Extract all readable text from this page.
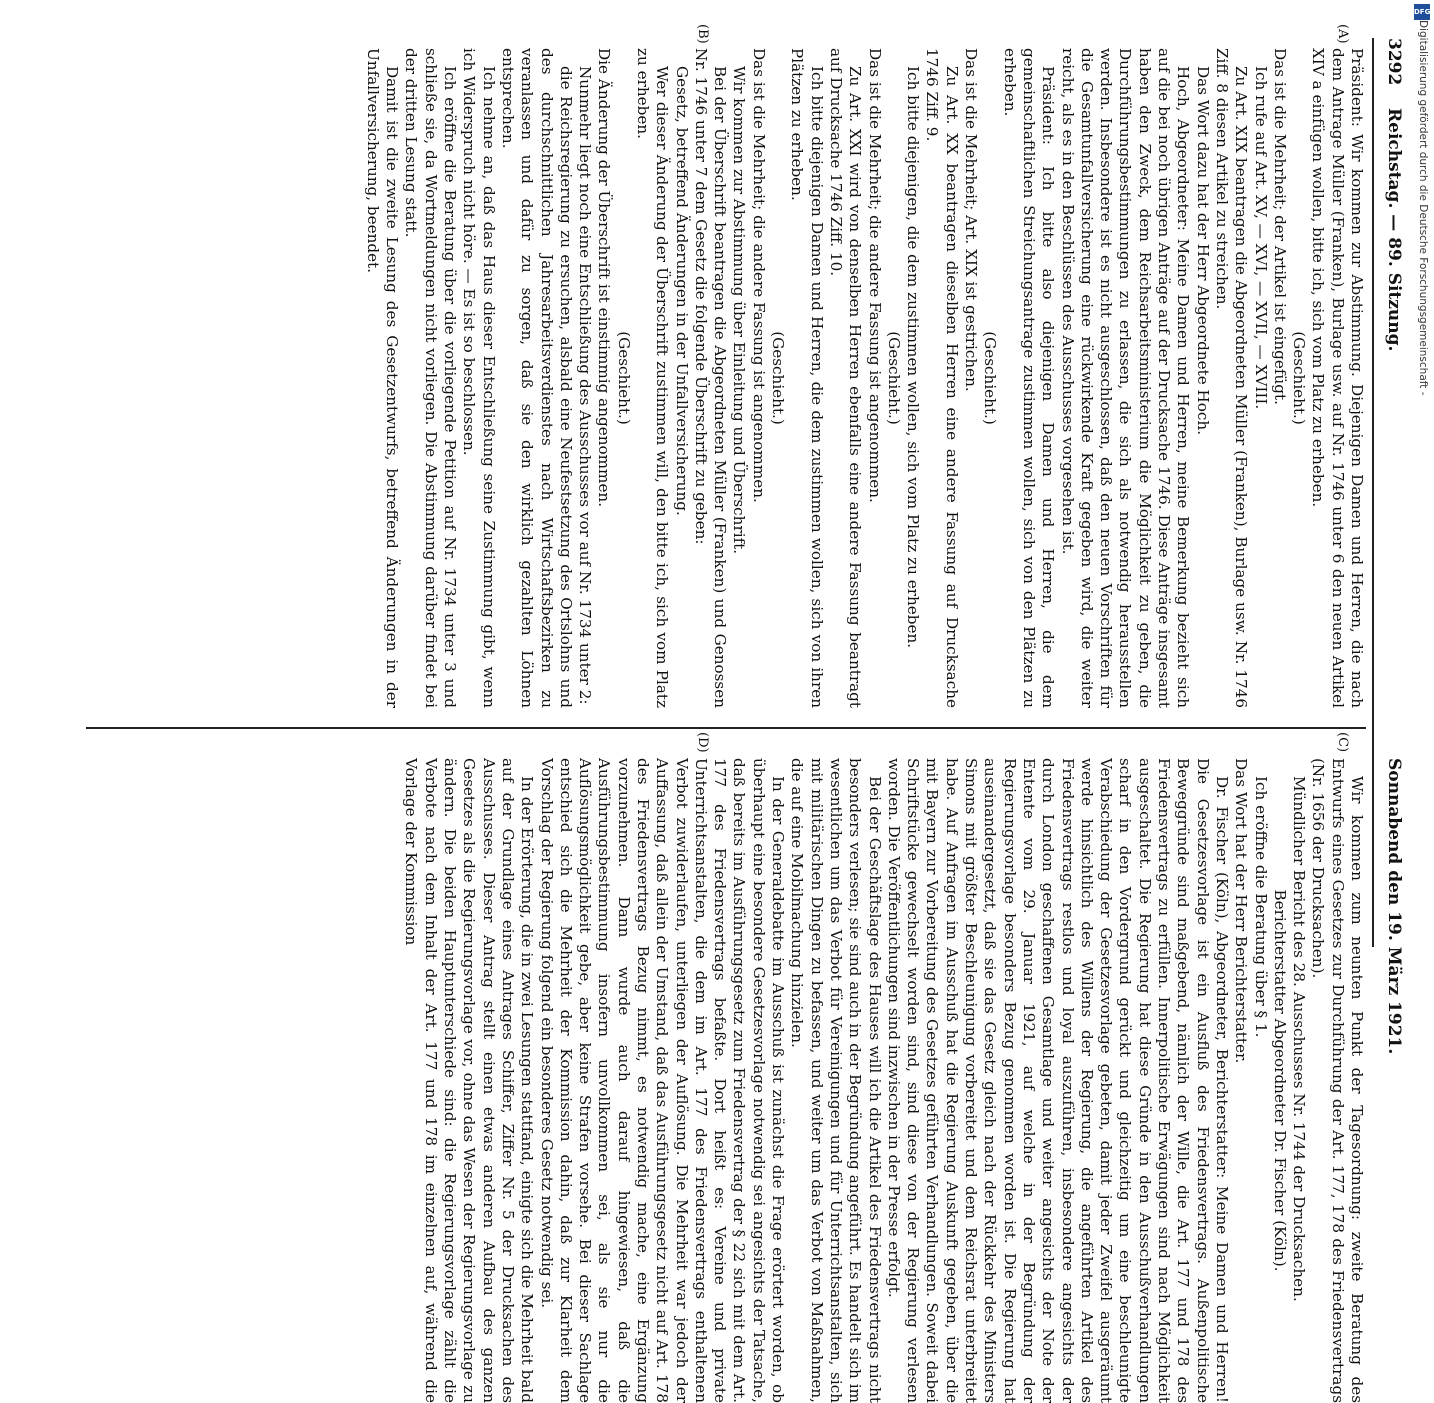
3292
Reichstag. — 89. Sitzung.
Sonnabend den 19. März 1921.
(A)
(B)
(C)
(D)

Präsident: Wir kommen zur Abstimmung. Diejenigen Damen und Herren, die nach dem Antrage Müller (Franken), Burlage usw. auf Nr. 1746 unter 6 den neuen Artikel XIV a einfügen wollen, bitte ich, sich vom Platz zu erheben.

(Geschieht.)

Das ist die Mehrheit; der Artikel ist eingefügt.

Ich rufe auf Art. XV, — XVI, — XVII, — XVIII.

Zu Art. XIX beantragen die Abgeordneten Müller (Franken), Burlage usw. Nr. 1746 Ziff. 8 diesen Artikel zu streichen.

Das Wort dazu hat der Herr Abgeordnete Hoch.

Hoch, Abgeordneter: Meine Damen und Herren, meine Bemerkung bezieht sich auf die bei noch übrigen Anträge auf der Drucksache 1746. Diese Anträge insgesamt haben den Zweck, dem Reichsarbeitsministerium die Möglichkeit zu geben, die Durchführungsbestimmungen zu erlassen, die sich als notwendig herausstellen werden. Insbesondere ist es nicht ausgeschlossen, daß den neuen Vorschriften für die Gesamtunfallversicherung eine rückwirkende Kraft gegeben wird, die weiter reicht, als es in den Beschlüssen des Ausschusses vorgesehen ist.

Präsident: Ich bitte also diejenigen Damen und Herren, die dem gemeinschaftlichen Streichungsantrage zustimmen wollen, sich von den Plätzen zu erheben.

(Geschieht.)

Das ist die Mehrheit; Art. XIX ist gestrichen.

Zu Art. XX beantragen dieselben Herren eine andere Fassung auf Drucksache 1746 Ziff. 9.

Ich bitte diejenigen, die dem zustimmen wollen, sich vom Platz zu erheben.

(Geschieht.)

Das ist die Mehrheit; die andere Fassung ist angenommen.

Zu Art. XXI wird von denselben Herren ebenfalls eine andere Fassung beantragt auf Drucksache 1746 Ziff. 10.

Ich bitte diejenigen Damen und Herren, die dem zustimmen wollen, sich von ihren Plätzen zu erheben.

(Geschieht.)

Das ist die Mehrheit; die andere Fassung ist angenommen.

Wir kommen zur Abstimmung über Einleitung und Überschrift.

Bei der Überschrift beantragen die Abgeordneten Müller (Franken) und Genossen Nr. 1746 unter 7 dem Gesetz die folgende Überschrift zu geben:

Gesetz, betreffend Änderungen in der Unfallversicherung.

Wer dieser Änderung der Überschrift zustimmen will, den bitte ich, sich vom Platz zu erheben.

(Geschieht.)

Die Änderung der Überschrift ist einstimmig angenommen.

Nunmehr liegt noch eine Entschließung des Ausschusses vor auf Nr. 1734 unter 2:

die Reichsregierung zu ersuchen, alsbald eine Neufestsetzung des Ortslohns und des durchschnittlichen Jahresarbeitsverdienstes nach Wirtschaftsbezirken zu veranlassen und dafür zu sorgen, daß sie den wirklich gezahlten Löhnen entsprechen.

Ich nehme an, daß das Haus dieser Entschließung seine Zustimmung gibt, wenn ich Widerspruch nicht höre. — Es ist so beschlossen.

Ich eröffne die Beratung über die vorliegende Petition auf Nr. 1734 unter 3 und schließe sie, da Wortmeldungen nicht vorliegen. Die Abstimmung darüber findet bei der dritten Lesung statt.

Damit ist die zweite Lesung des Gesetzentwurfs, betreffend Änderungen in der Unfallversicherung, beendet.

Wir kommen zum neunten Punkt der Tagesordnung: zweite Beratung des Entwurfs eines Gesetzes zur Durchführung der Art. 177, 178 des Friedensvertrags (Nr. 1656 der Drucksachen).

Mündlicher Bericht des 28. Ausschusses Nr. 1744 der Drucksachen.

Berichterstatter Abgeordneter Dr. Fischer (Köln).

Ich eröffne die Beratung über § 1.

Das Wort hat der Herr Berichterstatter.

Dr. Fischer (Köln), Abgeordneter, Berichterstatter: Meine Damen und Herren! Die Gesetzesvorlage ist ein Ausfluß des Friedensvertrags. Außenpolitische Beweggründe sind maßgebend, nämlich der Wille, die Art. 177 und 178 des Friedensvertrags zu erfüllen. Innerpolitische Erwägungen sind nach Möglichkeit ausgeschaltet. Die Regierung hat diese Gründe in den Ausschußverhandlungen scharf in den Vordergrund gerückt und gleichzeitig um eine beschleunigte Verabschiedung der Gesetzesvorlage gebeten, damit jeder Zweifel ausgeräumt werde hinsichtlich des Willens der Regierung, die angeführten Artikel des Friedensvertrags restlos und loyal auszuführen, insbesondere angesichts der durch London geschaffenen Gesamtlage und weiter angesichts der Note der Entente vom 29. Januar 1921, auf welche in der Begründung der Regierungsvorlage besonders Bezug genommen worden ist. Die Regierung hat auseinandergesetzt, daß sie das Gesetz gleich nach der Rückkehr des Ministers Simons mit größter Beschleunigung vorbereitet und dem Reichsrat unterbreitet habe. Auf Anfragen im Ausschuß hat die Regierung Auskunft gegeben, über die mit Bayern zur Vorbereitung des Gesetzes geführten Verhandlungen. Soweit dabei Schriftstücke gewechselt worden sind, sind diese von der Regierung verlesen worden. Die Veröffentlichungen sind inzwischen in der Presse erfolgt.

Bei der Geschäftslage des Hauses will ich die Artikel des Friedensvertrags nicht besonders verlesen; sie sind auch in der Begründung angeführt. Es handelt sich im wesentlichen um das Verbot für Vereinigungen und für Unterrichtsanstalten, sich mit militärischen Dingen zu befassen, und weiter um das Verbot von Maßnahmen, die auf eine Mobilmachung hinzielen.

In der Generaldebatte im Ausschuß ist zunächst die Frage erörtert worden, ob überhaupt eine besondere Gesetzesvorlage notwendig sei angesichts der Tatsache, daß bereits im Ausführungsgesetz zum Friedensvertrag der § 22 sich mit dem Art. 177 des Friedensvertrags befaßte. Dort heißt es: Vereine und private Unterrichtsanstalten, die dem im Art. 177 des Friedensvertrags enthaltenen Verbot zuwiderlaufen, unterliegen der Auflösung. Die Mehrheit war jedoch der Auffassung, daß allein der Umstand, daß das Ausführungsgesetz nicht auf Art. 178 des Friedensvertrags Bezug nimmt, es notwendig mache, eine Ergänzung vorzunehmen. Dann wurde auch darauf hingewiesen, daß die Ausführungsbestimmung insofern unvollkommen sei, als sie nur die Auflösungsmöglichkeit gebe, aber keine Strafen vorsehe. Bei dieser Sachlage entschied sich die Mehrheit der Kommission dahin, daß zur Klarheit dem Vorschlag der Regierung folgend ein besonderes Gesetz notwendig sei.

In der Erörterung, die in zwei Lesungen stattfand, einigte sich die Mehrheit bald auf der Grundlage eines Antrages Schiffer, Ziffer Nr. 5 der Drucksachen des Ausschusses. Dieser Antrag stellt einen etwas anderen Aufbau des ganzen Gesetzes als die Regierungsvorlage vor, ohne das Wesen der Regierungsvorlage zu ändern. Die beiden Hauptunterschiede sind: die Regierungsvorlage zählt die Verbote nach dem Inhalt der Art. 177 und 178 im einzelnen auf, während die Vorlage der Kommission

Digitalisierung gefördert durch die Deutsche Forschungsgemeinschaft -
DFG
